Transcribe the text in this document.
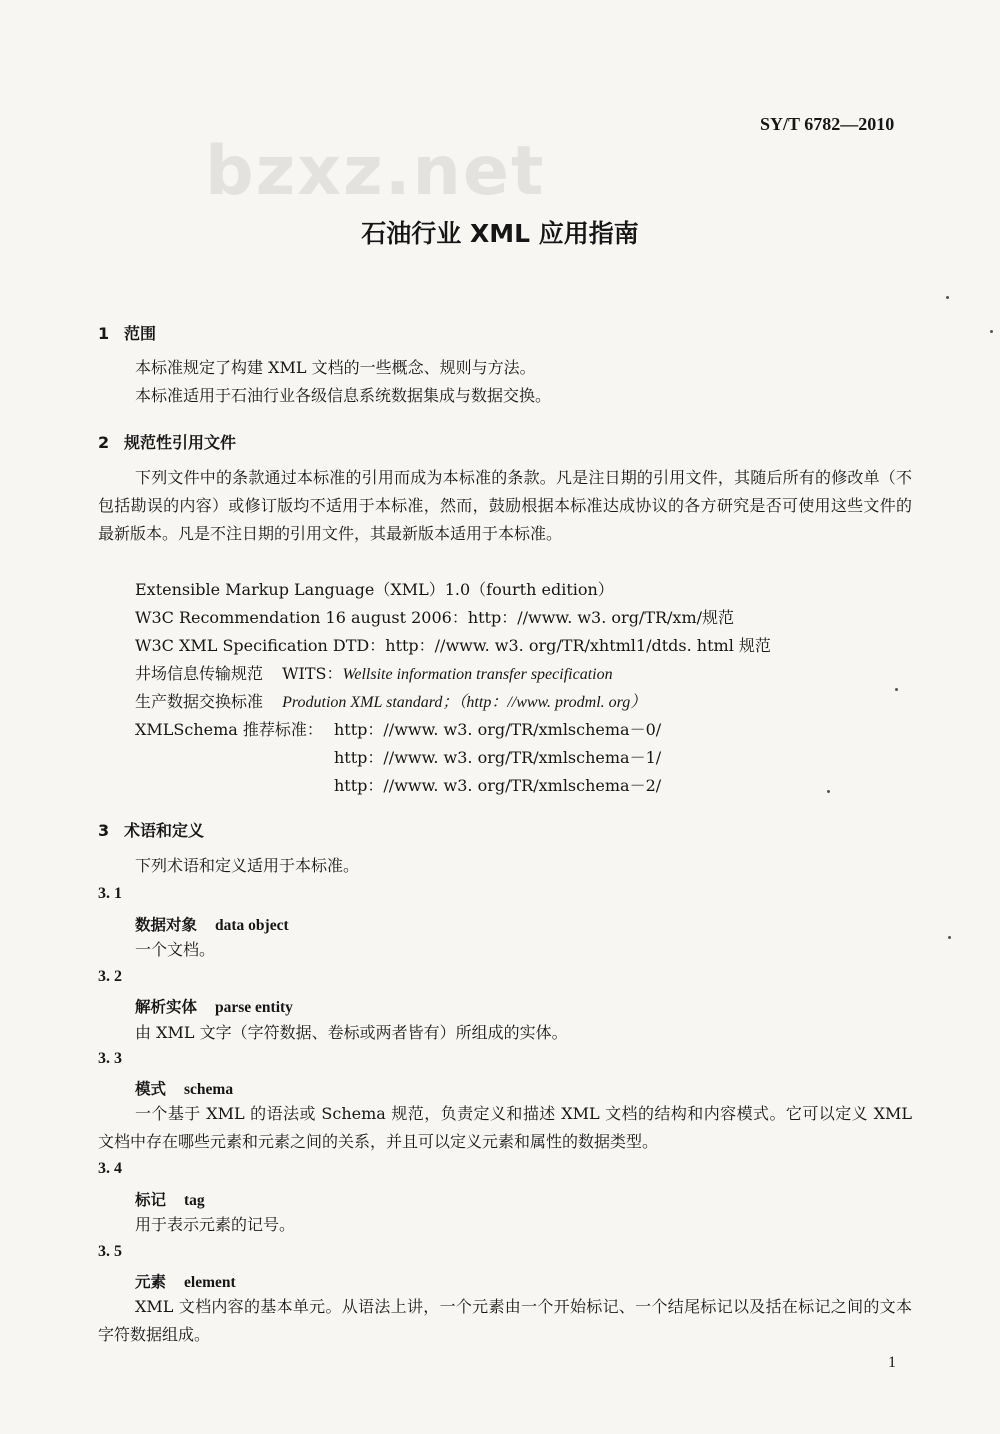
bzxz.net
SY/T 6782—2010
石油行业 XML 应用指南
1 范围
本标准规定了构建 XML 文档的一些概念、规则与方法。
本标准适用于石油行业各级信息系统数据集成与数据交换。
2 规范性引用文件
下列文件中的条款通过本标准的引用而成为本标准的条款。凡是注日期的引用文件，其随后所有的修改单（不包括勘误的内容）或修订版均不适用于本标准，然而，鼓励根据本标准达成协议的各方研究是否可使用这些文件的最新版本。凡是不注日期的引用文件，其最新版本适用于本标准。
Extensible Markup Language（XML）1.0（fourth edition）
W3C Recommendation 16 august 2006：http：//www. w3. org/TR/xm/规范
W3C XML Specification DTD：http：//www. w3. org/TR/xhtml1/dtds. html 规范
井场信息传输规范 WITS：Wellsite information transfer specification
生产数据交换标准 Prodution XML standard；（http：//www. prodml. org）
XMLSchema 推荐标准： http：//www. w3. org/TR/xmlschema－0/
http：//www. w3. org/TR/xmlschema－1/
http：//www. w3. org/TR/xmlschema－2/
3 术语和定义
下列术语和定义适用于本标准。
3. 1
数据对象 data object
一个文档。
3. 2
解析实体 parse entity
由 XML 文字（字符数据、卷标或两者皆有）所组成的实体。
3. 3
模式 schema
一个基于 XML 的语法或 Schema 规范，负责定义和描述 XML 文档的结构和内容模式。它可以定义 XML 文档中存在哪些元素和元素之间的关系，并且可以定义元素和属性的数据类型。
3. 4
标记 tag
用于表示元素的记号。
3. 5
元素 element
XML 文档内容的基本单元。从语法上讲，一个元素由一个开始标记、一个结尾标记以及括在标记之间的文本字符数据组成。
1
